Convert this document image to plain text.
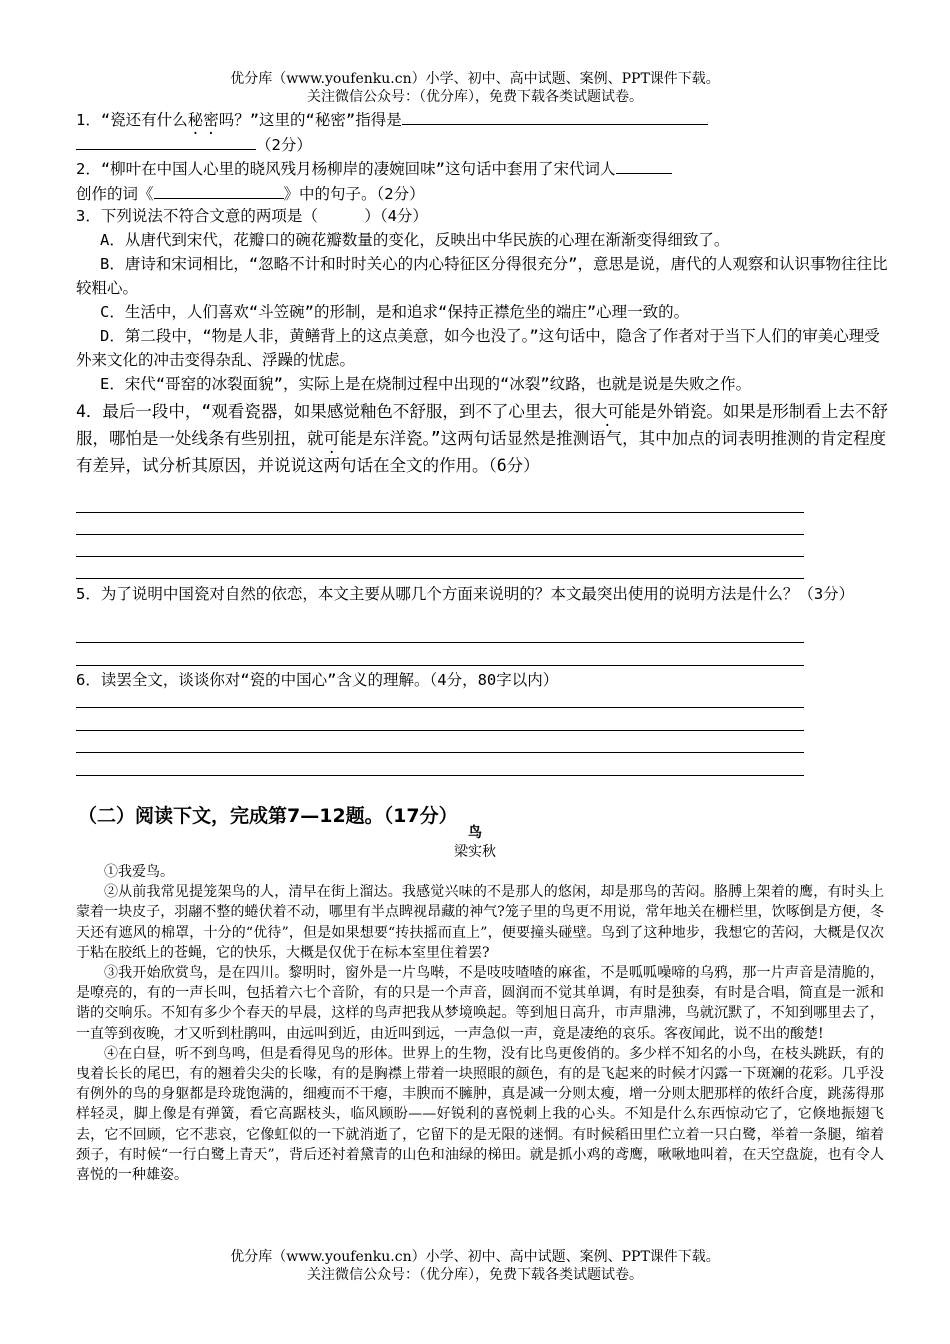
优分库（www.youfenku.cn）小学、初中、高中试题、案例、PPT课件下载。
关注微信公众号：（优分库），免费下载各类试题试卷。

1．“瓷还有什么秘密吗？”这里的“秘密”指得是

（2分）

2．“柳叶在中国人心里的晓风残月杨柳岸的凄婉回味”这句话中套用了宋代词人

创作的词《	》中的句子。（2分）

3．下列说法不符合文意的两项是（　　　）（4分）

A．从唐代到宋代，花瓣口的碗花瓣数量的变化，反映出中华民族的心理在渐渐变得细致了。

B．唐诗和宋词相比，“忽略不计和时时关心的内心特征区分得很充分”，意思是说，唐代的人观察和认识事物往往比较粗心。

C．生活中，人们喜欢“斗笠碗”的形制，是和追求“保持正襟危坐的端庄”心理一致的。

D．第二段中，“物是人非，黄鳝背上的这点美意，如今也没了。”这句话中，隐含了作者对于当下人们的审美心理受外来文化的冲击变得杂乱、浮躁的忧虑。

E．宋代“哥窑的冰裂面貌”，实际上是在烧制过程中出现的“冰裂”纹路，也就是说是失败之作。

4．最后一段中，“观看瓷器，如果感觉釉色不舒服，到不了心里去，很大可能是外销瓷。如果是形制看上去不舒服，哪怕是一处线条有些别扭，就可能是东洋瓷。”这两句话显然是推测语气，其中加点的词表明推测的肯定程度有差异，试分析其原因，并说说这两句话在全文的作用。（6分）

5．为了说明中国瓷对自然的依恋，本文主要从哪几个方面来说明的？本文最突出使用的说明方法是什么？（3分）

6．读罢全文，谈谈你对“瓷的中国心”含义的理解。（4分，80字以内）

（二）阅读下文，完成第7—12题。（17分）
鸟
梁实秋

①我爱鸟。

②从前我常见提笼架鸟的人，清早在街上溜达。我感觉兴味的不是那人的悠闲，却是那鸟的苦闷。胳膊上架着的鹰，有时头上蒙着一块皮子，羽翮不整的蜷伏着不动，哪里有半点睥视昂藏的神气?笼子里的鸟更不用说，常年地关在栅栏里，饮啄倒是方便，冬天还有遮风的棉罩，十分的“优待”，但是如果想要“抟扶摇而直上”，便要撞头碰壁。鸟到了这种地步，我想它的苦闷，大概是仅次于粘在胶纸上的苍蝇，它的快乐，大概是仅优于在标本室里住着罢?

③我开始欣赏鸟，是在四川。黎明时，窗外是一片鸟啭，不是吱吱喳喳的麻雀，不是呱呱噪啼的乌鸦，那一片声音是清脆的，是嘹亮的，有的一声长叫，包括着六七个音阶，有的只是一个声音，圆润而不觉其单调，有时是独奏，有时是合唱，简直是一派和谐的交响乐。不知有多少个春天的早晨，这样的鸟声把我从梦境唤起。等到旭日高升，市声鼎沸，鸟就沉默了，不知到哪里去了，一直等到夜晚，才又听到杜鹃叫，由远叫到近，由近叫到远，一声急似一声，竟是凄绝的哀乐。客夜闻此，说不出的酸楚!

④在白昼，听不到鸟鸣，但是看得见鸟的形体。世界上的生物，没有比鸟更俊俏的。多少样不知名的小鸟，在枝头跳跃，有的曳着长长的尾巴，有的翘着尖尖的长喙，有的是胸襟上带着一块照眼的颜色，有的是飞起来的时候才闪露一下斑斓的花彩。几乎没有例外的鸟的身躯都是玲珑饱满的，细瘦而不干瘪，丰腴而不臃肿，真是减一分则太瘦，增一分则太肥那样的侬纤合度，跳荡得那样轻灵，脚上像是有弹簧，看它高踞枝头，临风顾盼——好锐利的喜悦刺上我的心头。不知是什么东西惊动它了，它倏地振翅飞去，它不回顾，它不悲哀，它像虹似的一下就消逝了，它留下的是无限的迷惘。有时候稻田里伫立着一只白鹭，举着一条腿，缩着颈子，有时候“一行白鹭上青天”，背后还衬着黛青的山色和油绿的梯田。就是抓小鸡的鸢鹰，啾啾地叫着，在天空盘旋，也有令人喜悦的一种雄姿。

优分库（www.youfenku.cn）小学、初中、高中试题、案例、PPT课件下载。
关注微信公众号：（优分库），免费下载各类试题试卷。
